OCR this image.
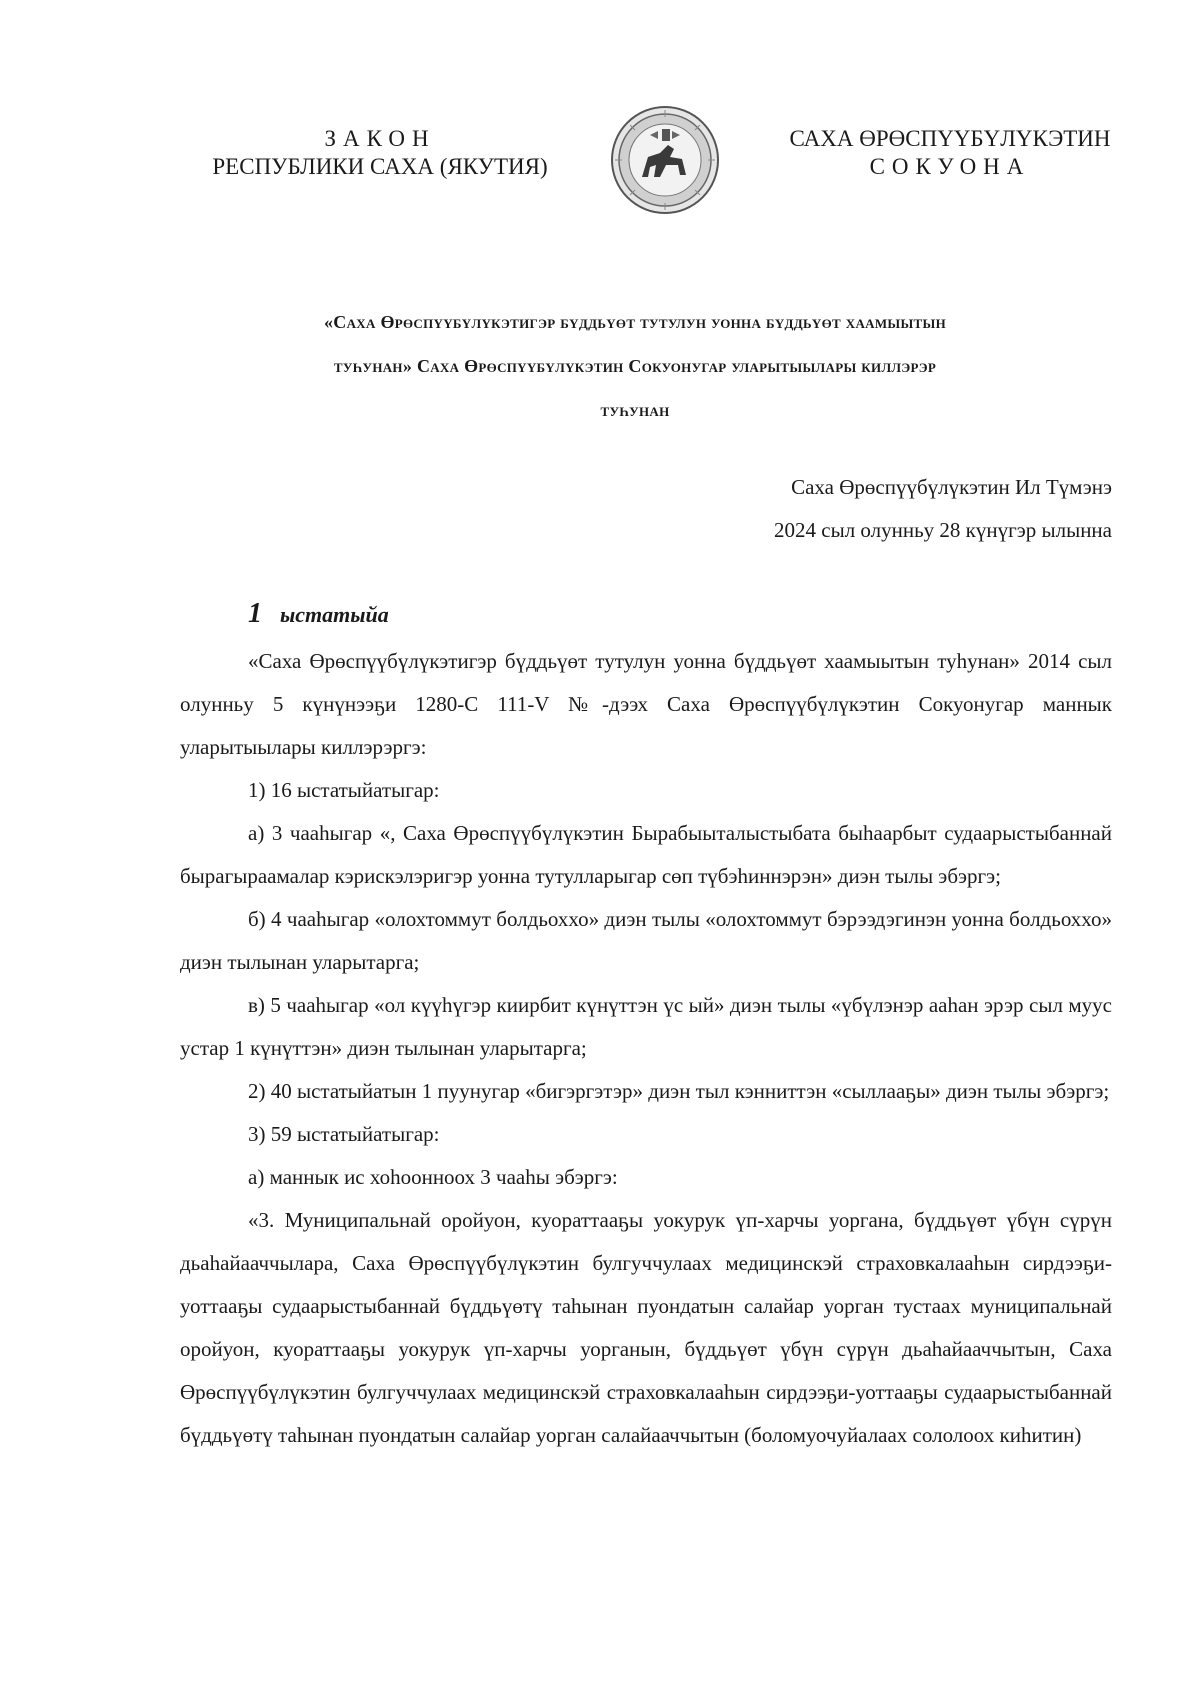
ЗАКОН
РЕСПУБЛИКИ САХА (ЯКУТИЯ)
САХА ӨРӨСПҮҮБҮЛҮКЭТИН
СОКУОНА
«Саха Өрөспүүбүлүкэтигэр бүддьүөт тутулун уонна бүддьүөт хаамыытын
туһунан» Саха Өрөспүүбүлүкэтин Сокуонугар уларытыылары киллэрэр
туһунан
Саха Өрөспүүбүлүкэтин Ил Түмэнэ
2024 сыл олунньу 28 күнүгэр ылынна
1 ыстатыйа

«Саха Өрөспүүбүлүкэтигэр бүддьүөт тутулун уонна бүддьүөт хаамыытын туһунан» 2014 сыл олунньу 5 күнүнээҕи 1280-С 111-V №-дээх Саха Өрөспүүбүлүкэтин Сокуонугар маннык уларытыылары киллэрэргэ:

1) 16 ыстатыйатыгар:

а) 3 чааһыгар «, Саха Өрөспүүбүлүкэтин Бырабыыталыстыбата быһаарбыт судаарыстыбаннай бырагыраамалар кэрискэлэригэр уонна тутулларыгар сөп түбэһиннэрэн» диэн тылы эбэргэ;

б) 4 чааһыгар «олохтоммут болдьоххо» диэн тылы «олохтоммут бэрээдэгинэн уонна болдьоххо» диэн тылынан уларытарга;

в) 5 чааһыгар «ол күүһүгэр киирбит күнүттэн үс ый» диэн тылы «үбүлэнэр ааһан эрэр сыл муус устар 1 күнүттэн» диэн тылынан уларытарга;

2) 40 ыстатыйатын 1 пуунугар «бигэргэтэр» диэн тыл кэнниттэн «сыллааҕы» диэн тылы эбэргэ;

3) 59 ыстатыйатыгар:

а) маннык ис хоһоонноох 3 чааһы эбэргэ:

«3. Муниципальнай оройуон, куораттааҕы уокурук үп-харчы уоргана, бүддьүөт үбүн сүрүн дьаһайааччылара, Саха Өрөспүүбүлүкэтин булгуччулаах медицинскэй страховкалааһын сирдээҕи-уоттааҕы судаарыстыбаннай бүддьүөтү таһынан пуондатын салайар уорган тустаах муниципальнай оройуон, куораттааҕы уокурук үп-харчы уорганын, бүддьүөт үбүн сүрүн дьаһайааччытын, Саха Өрөспүүбүлүкэтин булгуччулаах медицинскэй страховкалааһын сирдээҕи-уоттааҕы судаарыстыбаннай бүддьүөтү таһынан пуондатын салайар уорган салайааччытын (боломуочуйалаах сололоох киһитин)
